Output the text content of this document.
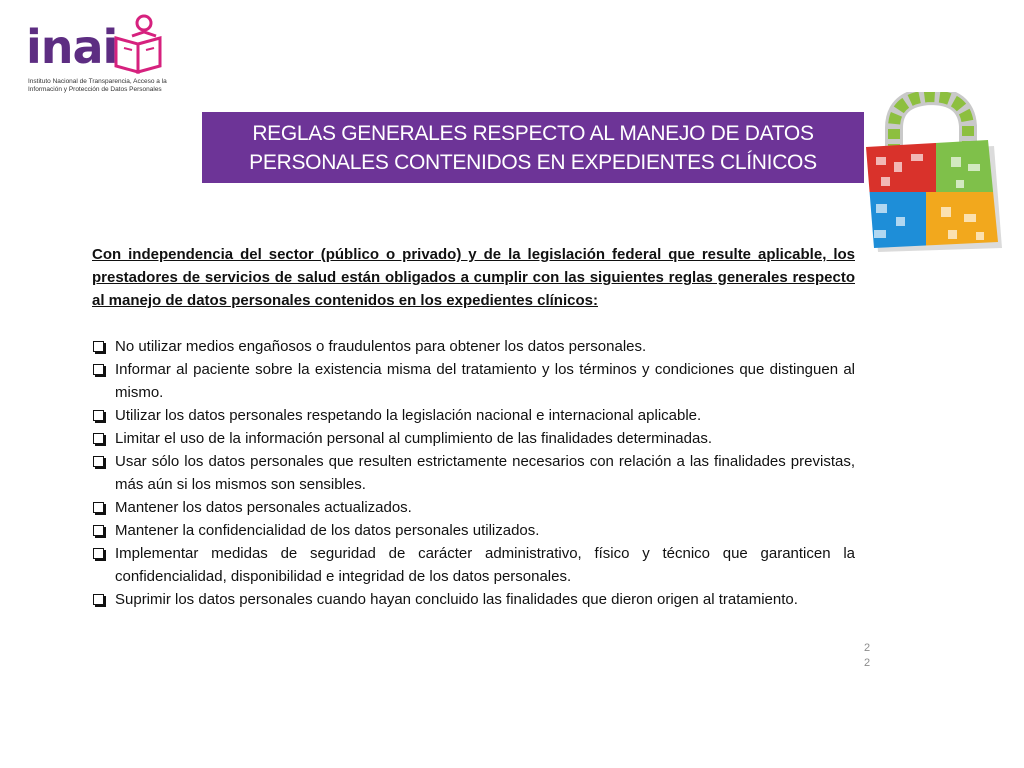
inai
Instituto Nacional de Transparencia, Acceso a la
Información y Protección de Datos Personales
REGLAS GENERALES RESPECTO AL MANEJO DE DATOS
PERSONALES CONTENIDOS EN EXPEDIENTES CLÍNICOS

Con independencia del sector (público o privado) y de la legislación federal que resulte aplicable, los prestadores de servicios de salud están obligados a cumplir con las siguientes reglas generales respecto al manejo de datos personales contenidos en los expedientes clínicos:

No utilizar medios engañosos o fraudulentos para obtener los datos personales.
Informar al paciente sobre la existencia misma del tratamiento y los términos y condiciones que distinguen al mismo.
Utilizar los datos personales respetando la legislación nacional e internacional aplicable.
Limitar el uso de la información personal al cumplimiento de las finalidades determinadas.
Usar sólo los datos personales que resulten estrictamente necesarios con relación a las finalidades previstas, más aún si los mismos son sensibles.
Mantener los datos personales actualizados.
Mantener la confidencialidad de los datos personales utilizados.
Implementar medidas de seguridad de carácter administrativo, físico y técnico que garanticen la confidencialidad, disponibilidad e integridad de los datos personales.
Suprimir los datos personales cuando hayan concluido las finalidades que dieron origen al tratamiento.
2
2
